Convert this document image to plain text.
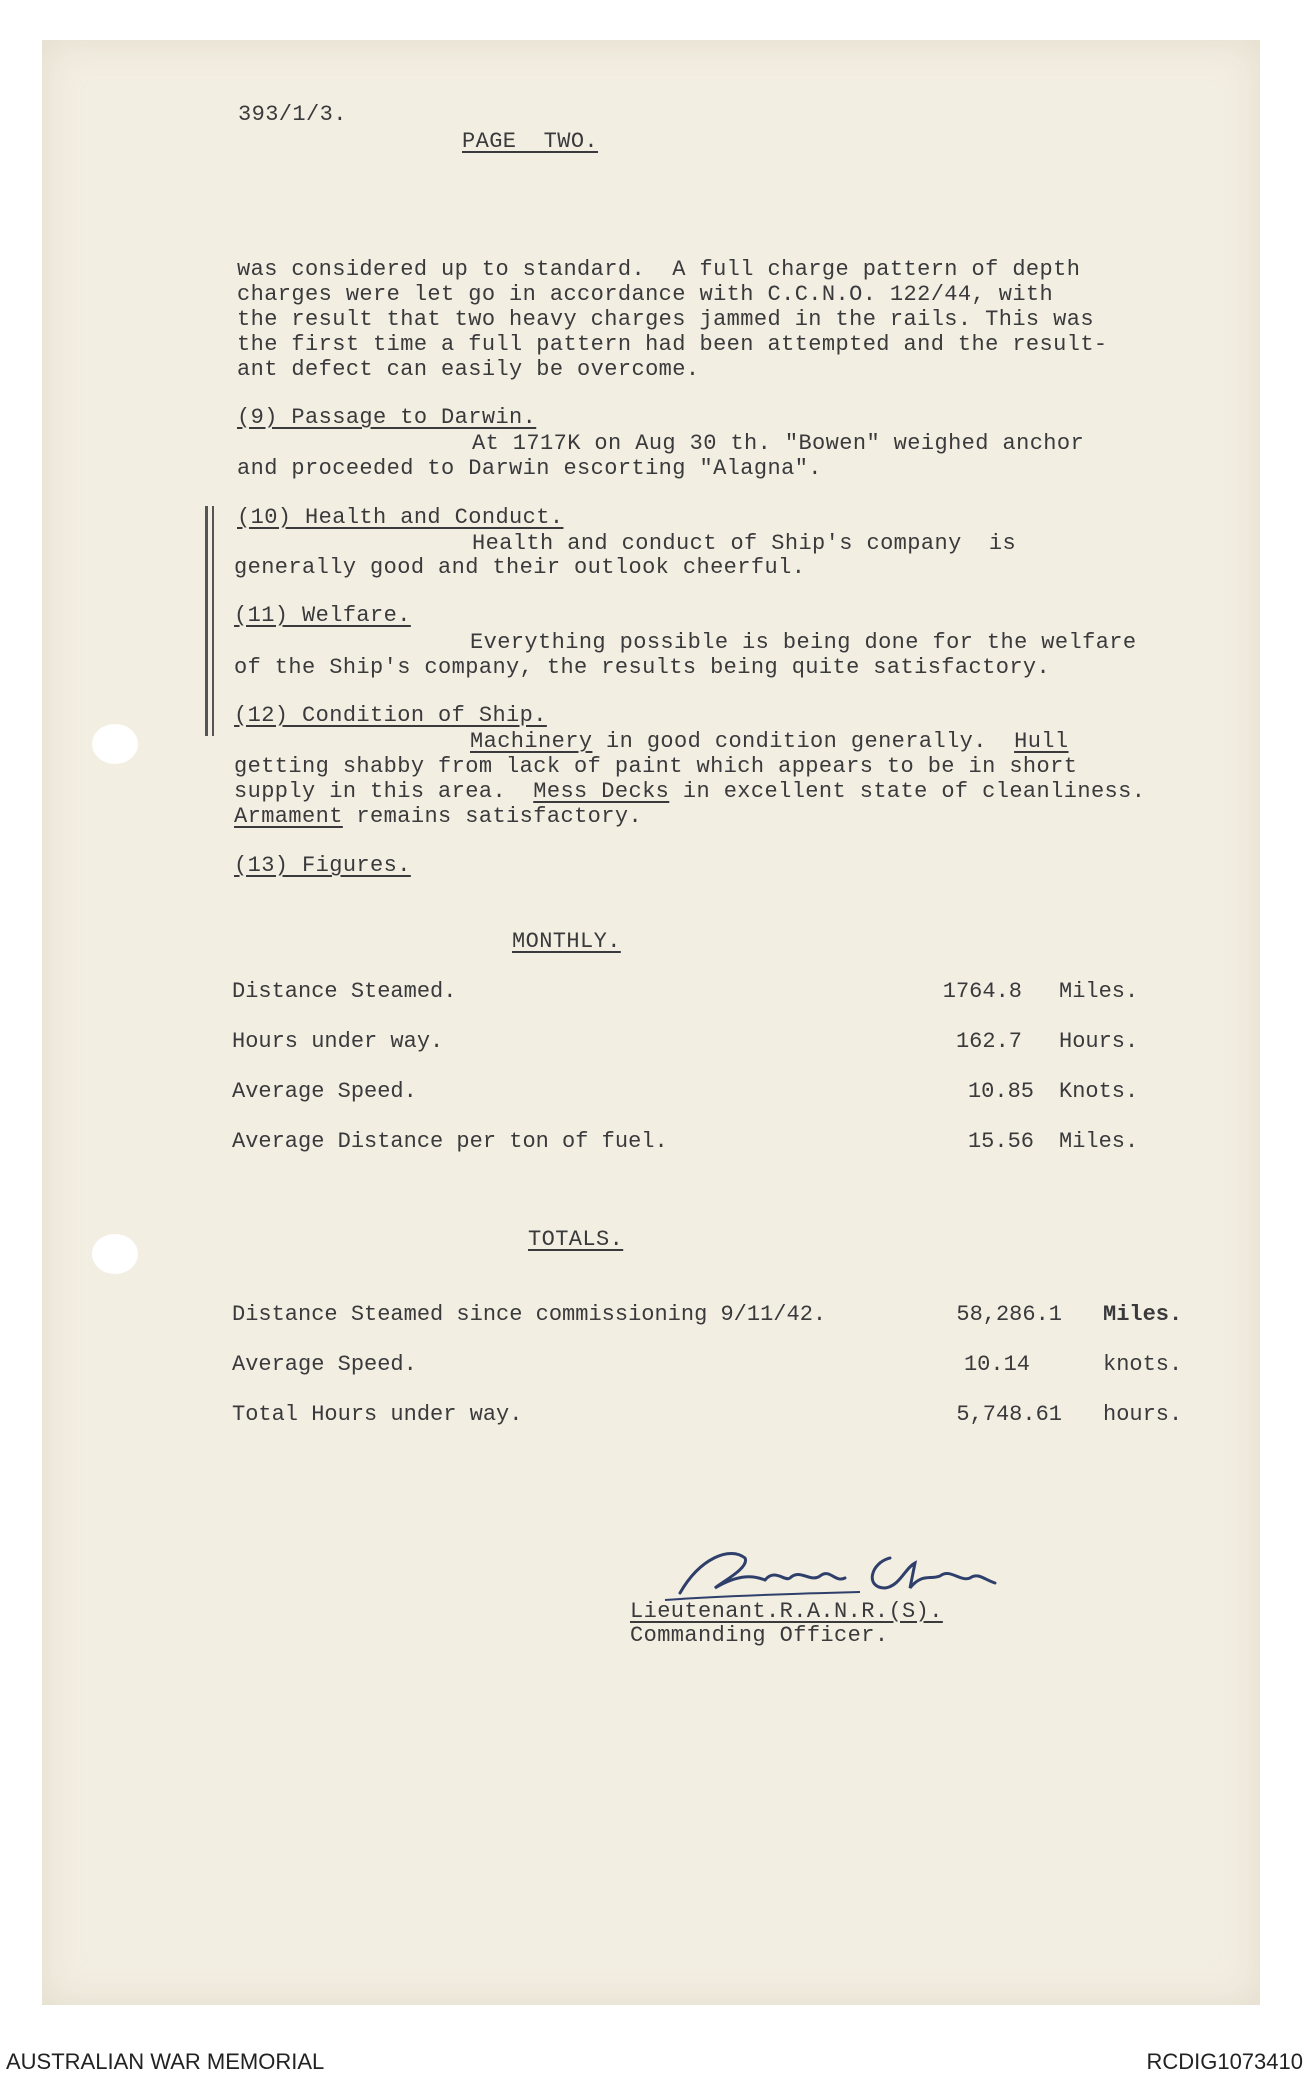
393/1/3.
PAGE  TWO.
was considered up to standard.  A full charge pattern of depth
charges were let go in accordance with C.C.N.O. 122/44, with
the result that two heavy charges jammed in the rails. This was
the first time a full pattern had been attempted and the result-
ant defect can easily be overcome.
(9) Passage to Darwin.
At 1717K on Aug 30 th. "Bowen" weighed anchor
and proceeded to Darwin escorting "Alagna".
(10) Health and Conduct.
Health and conduct of Ship's company  is
generally good and their outlook cheerful.
(11) Welfare.
Everything possible is being done for the welfare
of the Ship's company, the results being quite satisfactory.
(12) Condition of Ship.
Machinery in good condition generally.  Hull
getting shabby from lack of paint which appears to be in short
supply in this area.  Mess Decks in excellent state of cleanliness.
Armament remains satisfactory.
(13) Figures.
MONTHLY.
Distance Steamed.	1764.8 Miles.
Hours under way.	162.7 Hours.
Average Speed.	10.85 Knots.
Average Distance per ton of fuel.	15.56 Miles.
TOTALS.
Distance Steamed since commissioning 9/11/42.	58,286.1 Miles.
Average Speed.	10.14	knots.
Total Hours under way.	5,748.61 hours.
Lieutenant.R.A.N.R.(S).
Commanding Officer.
AUSTRALIAN WAR MEMORIAL	RCDIG1073410
